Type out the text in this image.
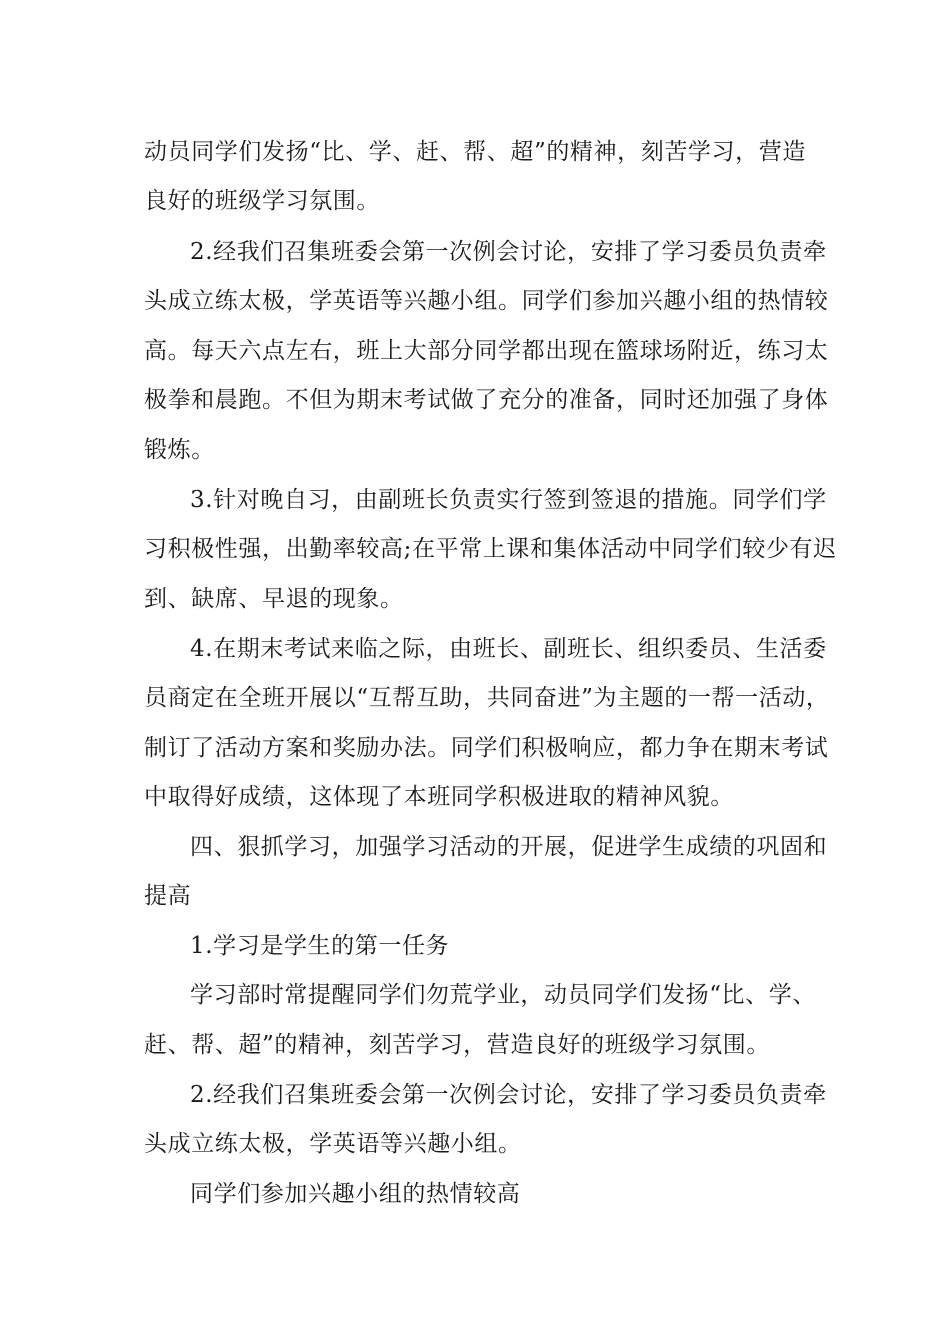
动员同学们发扬“比、学、赶、帮、超”的精神，刻苦学习，营造
良好的班级学习氛围。
2.经我们召集班委会第一次例会讨论，安排了学习委员负责牵
头成立练太极，学英语等兴趣小组。同学们参加兴趣小组的热情较
高。每天六点左右，班上大部分同学都出现在篮球场附近，练习太
极拳和晨跑。不但为期末考试做了充分的准备，同时还加强了身体
锻炼。
3.针对晚自习，由副班长负责实行签到签退的措施。同学们学
习积极性强，出勤率较高;在平常上课和集体活动中同学们较少有迟
到、缺席、早退的现象。
4.在期末考试来临之际，由班长、副班长、组织委员、生活委
员商定在全班开展以“互帮互助，共同奋进”为主题的一帮一活动，
制订了活动方案和奖励办法。同学们积极响应，都力争在期末考试
中取得好成绩，这体现了本班同学积极进取的精神风貌。
四、狠抓学习，加强学习活动的开展，促进学生成绩的巩固和
提高
1.学习是学生的第一任务
学习部时常提醒同学们勿荒学业，动员同学们发扬“比、学、
赶、帮、超”的精神，刻苦学习，营造良好的班级学习氛围。
2.经我们召集班委会第一次例会讨论，安排了学习委员负责牵
头成立练太极，学英语等兴趣小组。
同学们参加兴趣小组的热情较高
